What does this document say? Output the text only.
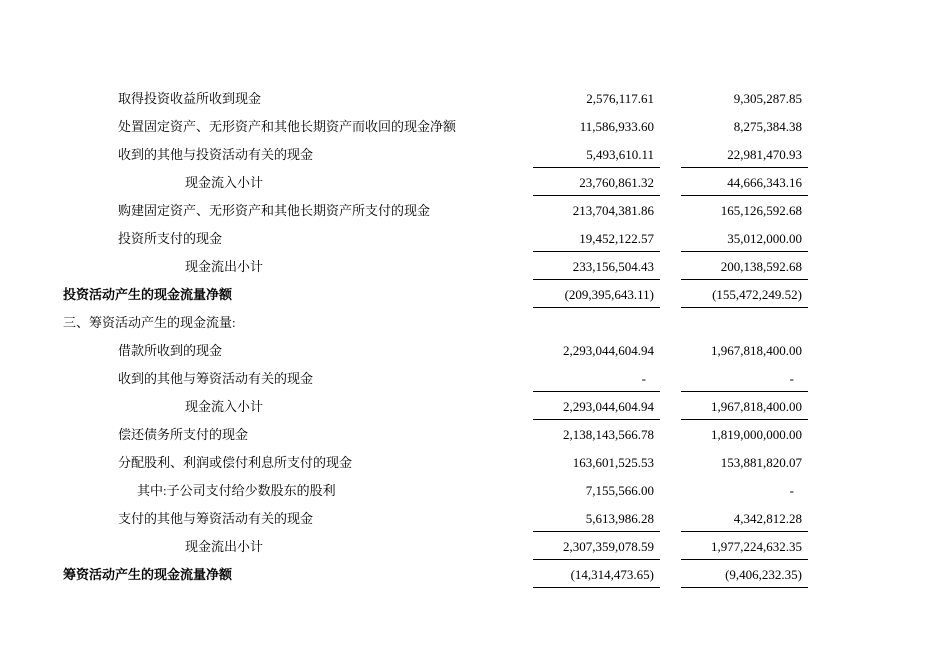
取得投资收益所收到现金	2,576,117.61	9,305,287.85
处置固定资产、无形资产和其他长期资产而收回的现金净额	11,586,933.60	8,275,384.38
收到的其他与投资活动有关的现金	5,493,610.11	22,981,470.93
现金流入小计	23,760,861.32	44,666,343.16
购建固定资产、无形资产和其他长期资产所支付的现金	213,704,381.86	165,126,592.68
投资所支付的现金	19,452,122.57	35,012,000.00
现金流出小计	233,156,504.43	200,138,592.68
投资活动产生的现金流量净额	(209,395,643.11)	(155,472,249.52)
三、筹资活动产生的现金流量:
借款所收到的现金	2,293,044,604.94	1,967,818,400.00
收到的其他与筹资活动有关的现金	-	-
现金流入小计	2,293,044,604.94	1,967,818,400.00
偿还债务所支付的现金	2,138,143,566.78	1,819,000,000.00
分配股利、利润或偿付利息所支付的现金	163,601,525.53	153,881,820.07
其中:子公司支付给少数股东的股利	7,155,566.00	-
支付的其他与筹资活动有关的现金	5,613,986.28	4,342,812.28
现金流出小计	2,307,359,078.59	1,977,224,632.35
筹资活动产生的现金流量净额	(14,314,473.65)	(9,406,232.35)
